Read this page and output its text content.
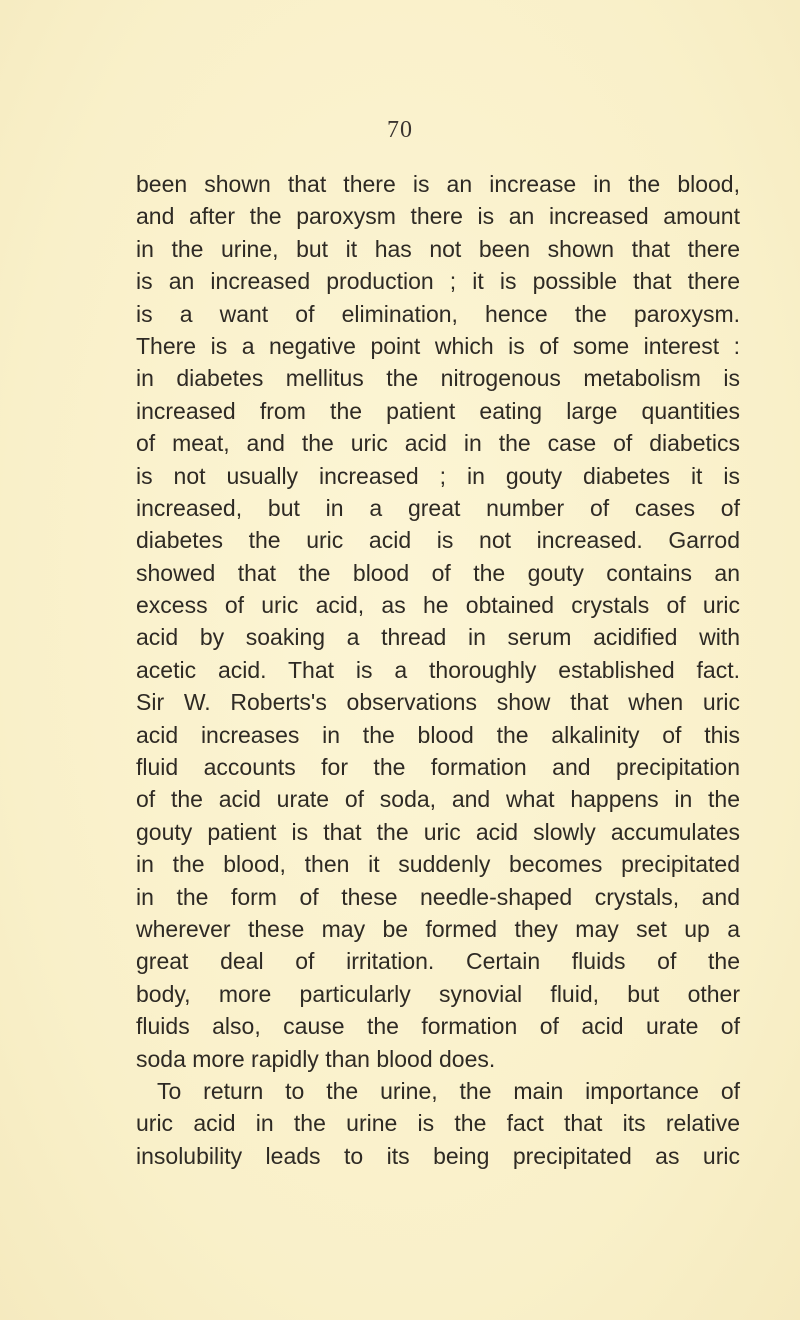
70
been shown that there is an increase in the blood,
and after the paroxysm there is an increased amount
in the urine, but it has not been shown that there
is an increased production ; it is possible that there
is a want of elimination, hence the paroxysm.
There is a negative point which is of some interest :
in diabetes mellitus the nitrogenous metabolism is
increased from the patient eating large quantities
of meat, and the uric acid in the case of diabetics
is not usually increased ; in gouty diabetes it is
increased, but in a great number of cases of
diabetes the uric acid is not increased. Garrod
showed that the blood of the gouty contains an
excess of uric acid, as he obtained crystals of uric
acid by soaking a thread in serum acidified with
acetic acid. That is a thoroughly established fact.
Sir W. Roberts's observations show that when uric
acid increases in the blood the alkalinity of this
fluid accounts for the formation and precipitation
of the acid urate of soda, and what happens in the
gouty patient is that the uric acid slowly accumulates
in the blood, then it suddenly becomes precipitated
in the form of these needle-shaped crystals, and
wherever these may be formed they may set up a
great deal of irritation. Certain fluids of the
body, more particularly synovial fluid, but other
fluids also, cause the formation of acid urate of
soda more rapidly than blood does.
To return to the urine, the main importance of
uric acid in the urine is the fact that its relative
insolubility leads to its being precipitated as uric
